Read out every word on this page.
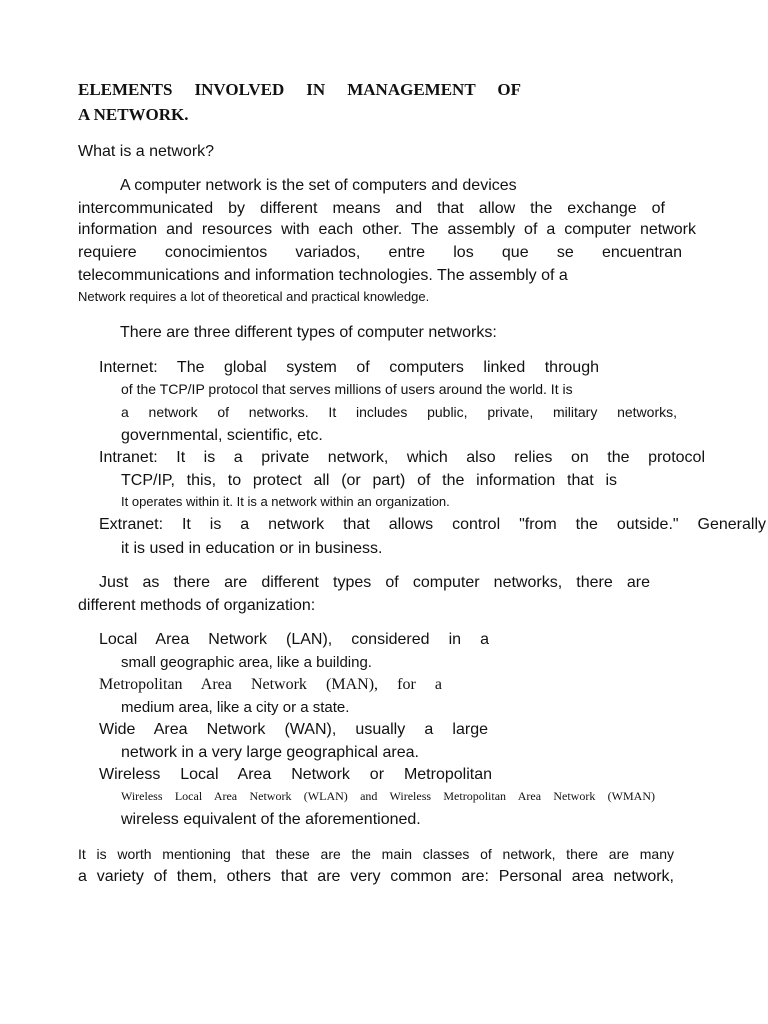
ELEMENTS INVOLVED IN MANAGEMENT OF

A NETWORK.

What is a network?

A computer network is the set of computers and devices

intercommunicated by different means and that allow the exchange of

information and resources with each other. The assembly of a computer network

requiere conocimientos variados, entre los que se encuentran

telecommunications and information technologies. The assembly of a

Network requires a lot of theoretical and practical knowledge.

There are three different types of computer networks:

Internet: The global system of computers linked through

of the TCP/IP protocol that serves millions of users around the world. It is

a network of networks. It includes public, private, military networks,

governmental, scientific, etc.

Intranet: It is a private network, which also relies on the protocol

TCP/IP, this, to protect all (or part) of the information that is

It operates within it. It is a network within an organization.

Extranet: It is a network that allows control "from the outside." Generally

it is used in education or in business.

Just as there are different types of computer networks, there are

different methods of organization:

Local Area Network (LAN), considered in a

small geographic area, like a building.

Metropolitan Area Network (MAN), for a

medium area, like a city or a state.

Wide Area Network (WAN), usually a large

network in a very large geographical area.

Wireless Local Area Network or Metropolitan

Wireless Local Area Network (WLAN) and Wireless Metropolitan Area Network (WMAN)

wireless equivalent of the aforementioned.

It is worth mentioning that these are the main classes of network, there are many

a variety of them, others that are very common are: Personal area network,
